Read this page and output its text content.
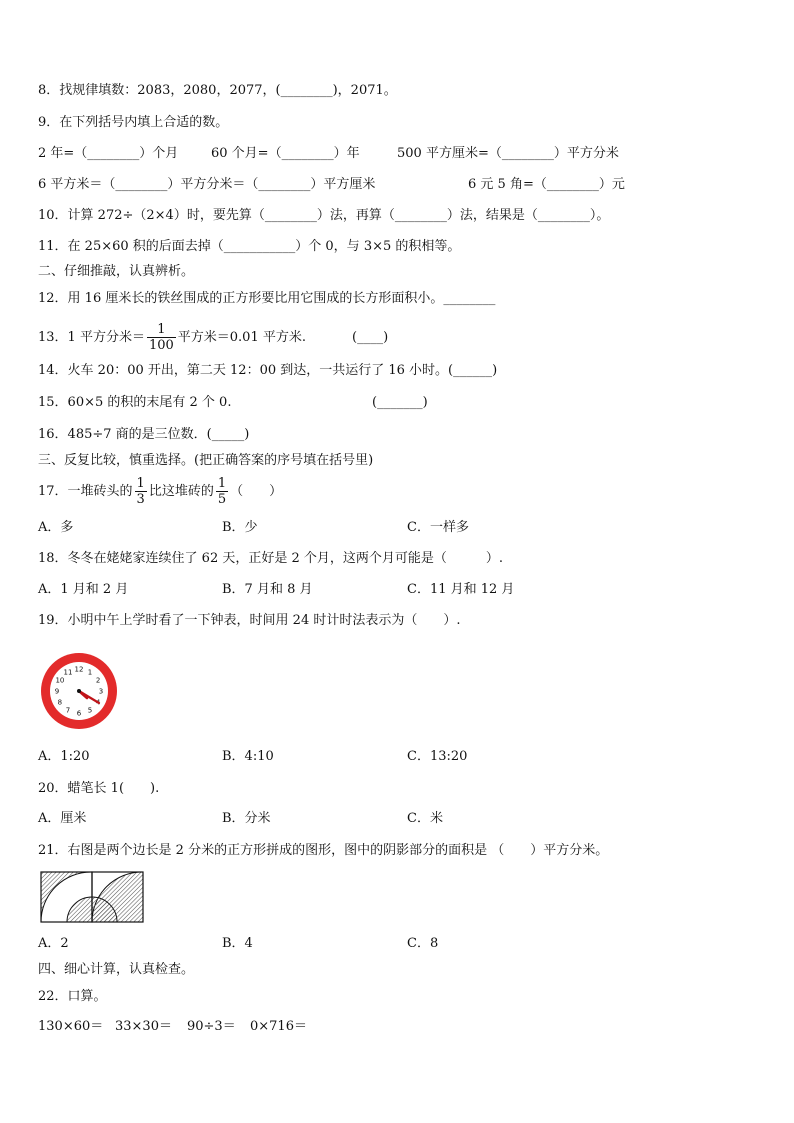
8．找规律填数：2083，2080，2077，(________)，2071。
9．在下列括号内填上合适的数。
2 年=（________）个月	60 个月=（________）年	500 平方厘米=（________）平方分米
6 平方米＝（________）平方分米＝（________）平方厘米	6 元 5 角=（________）元
10．计算 272÷（2×4）时，要先算（________）法，再算（________）法，结果是（________）。
11．在 25×60 积的后面去掉（___________）个 0，与 3×5 的积相等。
二、仔细推敲，认真辨析。
12．用 16 厘米长的铁丝围成的正方形要比用它围成的长方形面积小。________
13．1 平方分米＝ $\frac{1}{100}$ 平方米＝0.01 平方米.	(____)
14．火车 20：00 开出，第二天 12：00 到达，一共运行了 16 小时。(______)
15．60×5 的积的末尾有 2 个 0.	(_______)
16．485÷7 商的是三位数．(_____)
三、反复比较，慎重选择。(把正确答案的序号填在括号里)
17．一堆砖头的 $\frac{1}{3}$ 比这堆砖的 $\frac{1}{5}$ （　　）
A．多	B．少	C．一样多
18．冬冬在姥姥家连续住了 62 天，正好是 2 个月，这两个月可能是（　　　）.
A．1 月和 2 月	B．7 月和 8 月	C．11 月和 12 月
19．小明中午上学时看了一下钟表，时间用 24 时计时法表示为（　　）.
12 1
2
3
5
6
7
8
9
10
11
A．1:20	B．4:10	C．13:20
20．蜡笔长 1(　　).
A．厘米	B．分米	C．米
21．右图是两个边长是 2 分米的正方形拼成的图形，图中的阴影部分的面积是 （　　）平方分米。
A．2	B．4	C．8
四、细心计算，认真检查。
22．口算。
130×60＝ 33×30＝ 90÷3＝ 0×716＝
